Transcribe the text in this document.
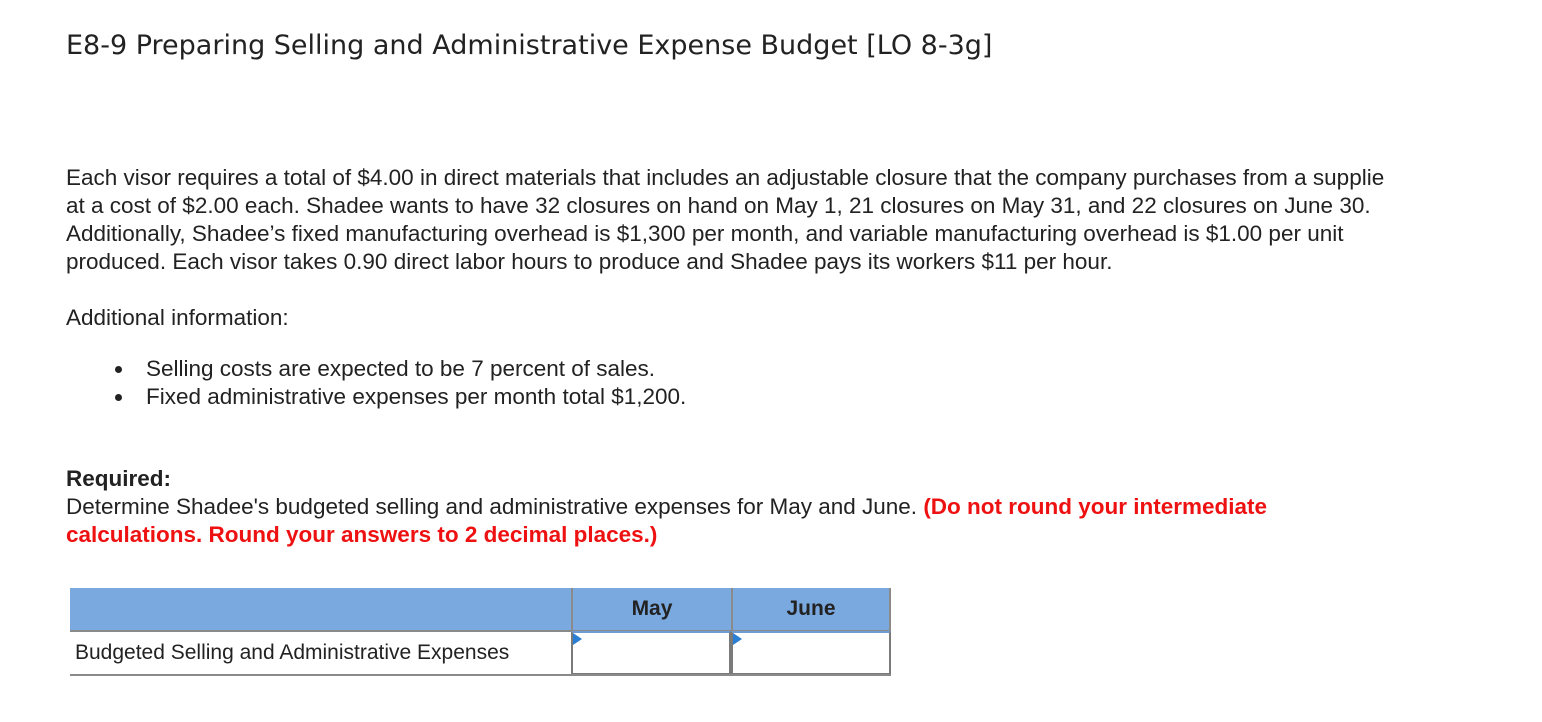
E8-9 Preparing Selling and Administrative Expense Budget [LO 8-3g]

Each visor requires a total of $4.00 in direct materials that includes an adjustable closure that the company purchases from a supplie
at a cost of $2.00 each. Shadee wants to have 32 closures on hand on May 1, 21 closures on May 31, and 22 closures on June 30.
Additionally, Shadee’s fixed manufacturing overhead is $1,300 per month, and variable manufacturing overhead is $1.00 per unit
produced. Each visor takes 0.90 direct labor hours to produce and Shadee pays its workers $11 per hour.

Additional information:

Selling costs are expected to be 7 percent of sales.
Fixed administrative expenses per month total $1,200.

Required:

Determine Shadee's budgeted selling and administrative expenses for May and June. (Do not round your intermediate
calculations. Round your answers to 2 decimal places.)

May	June
Budgeted Selling and Administrative Expenses
